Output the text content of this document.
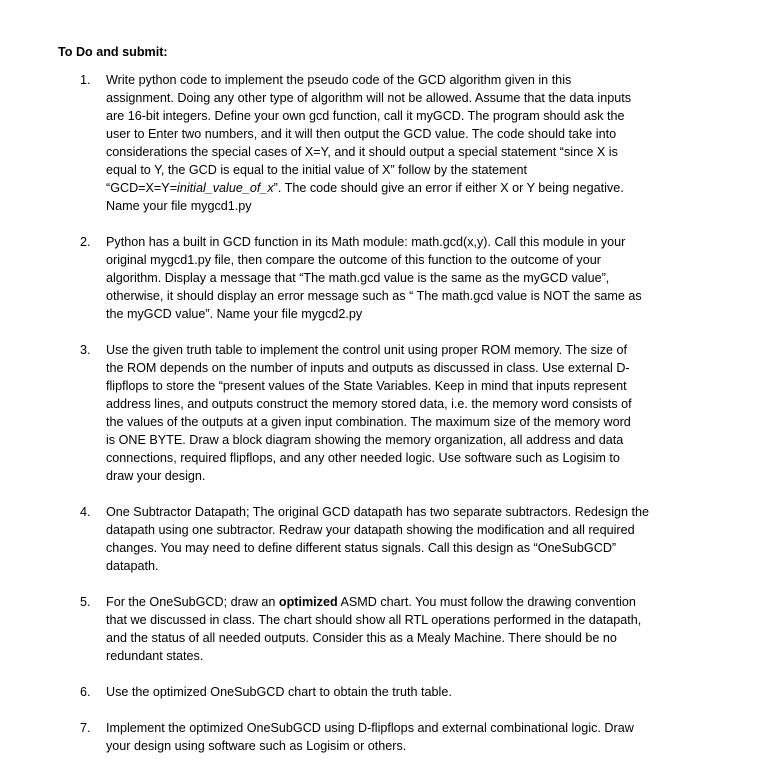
To Do and submit:
1.	Write python code to implement the pseudo code of the GCD algorithm given in this
assignment. Doing any other type of algorithm will not be allowed. Assume that the data inputs
are 16-bit integers. Define your own gcd function, call it myGCD. The program should ask the
user to Enter two numbers, and it will then output the GCD value. The code should take into
considerations the special cases of X=Y, and it should output a special statement “since X is
equal to Y, the GCD is equal to the initial value of X” follow by the statement
“GCD=X=Y=initial_value_of_x”. The code should give an error if either X or Y being negative.
Name your file mygcd1.py
2.	Python has a built in GCD function in its Math module: math.gcd(x,y). Call this module in your
original mygcd1.py file, then compare the outcome of this function to the outcome of your
algorithm. Display a message that “The math.gcd value is the same as the myGCD value”,
otherwise, it should display an error message such as “ The math.gcd value is NOT the same as
the myGCD value”. Name your file mygcd2.py
3.	Use the given truth table to implement the control unit using proper ROM memory. The size of
the ROM depends on the number of inputs and outputs as discussed in class. Use external D-
flipflops to store the “present values of the State Variables. Keep in mind that inputs represent
address lines, and outputs construct the memory stored data, i.e. the memory word consists of
the values of the outputs at a given input combination. The maximum size of the memory word
is ONE BYTE. Draw a block diagram showing the memory organization, all address and data
connections, required flipflops, and any other needed logic. Use software such as Logisim to
draw your design.
4.	One Subtractor Datapath; The original GCD datapath has two separate subtractors. Redesign the
datapath using one subtractor. Redraw your datapath showing the modification and all required
changes. You may need to define different status signals. Call this design as “OneSubGCD”
datapath.
5.	For the OneSubGCD; draw an optimized ASMD chart. You must follow the drawing convention
that we discussed in class. The chart should show all RTL operations performed in the datapath,
and the status of all needed outputs. Consider this as a Mealy Machine. There should be no
redundant states.
6.	Use the optimized OneSubGCD chart to obtain the truth table.
7.	Implement the optimized OneSubGCD using D-flipflops and external combinational logic. Draw
your design using software such as Logisim or others.
